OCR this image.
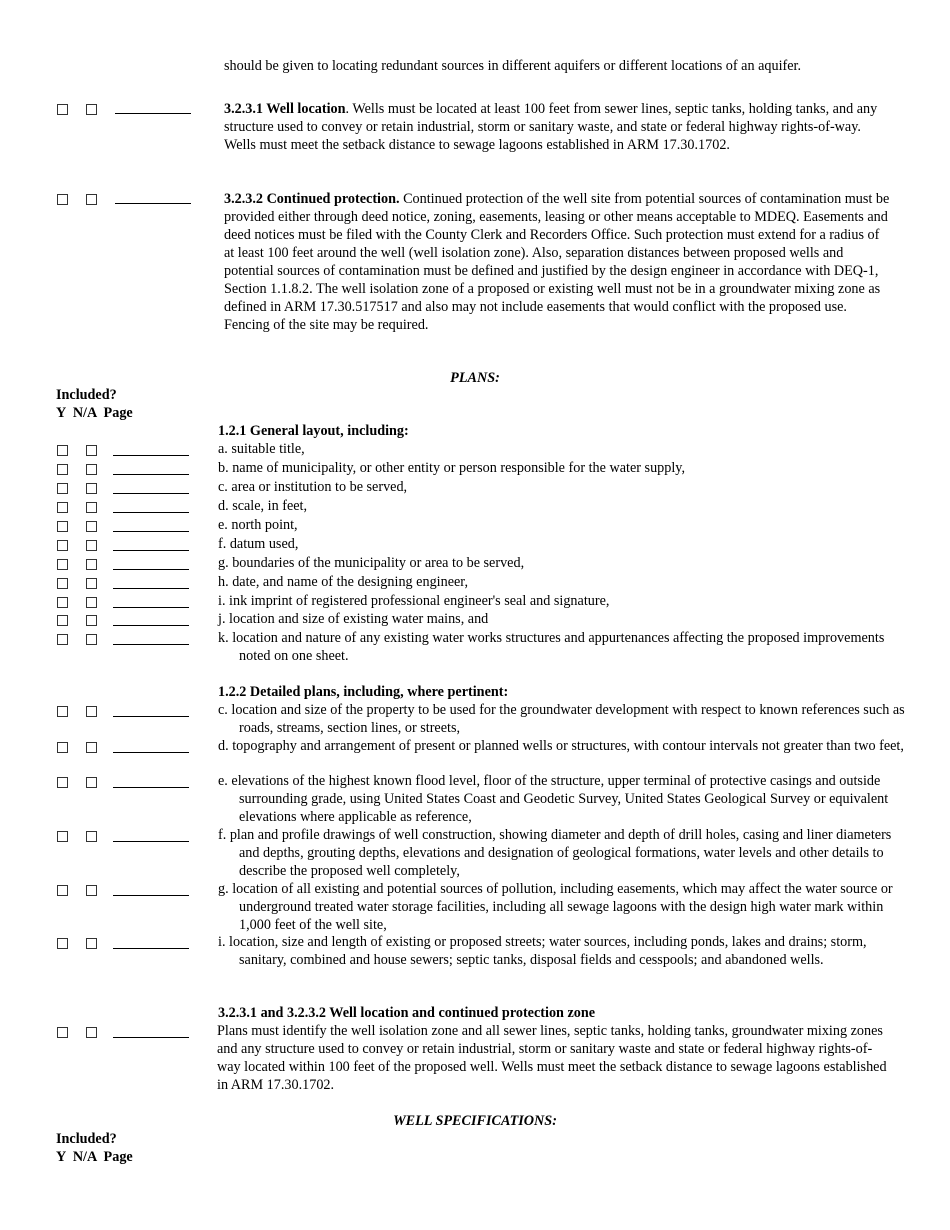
should be given to locating redundant sources in different aquifers or different locations of an aquifer.
3.2.3.1 Well location. Wells must be located at least 100 feet from sewer lines, septic tanks, holding tanks, and any structure used to convey or retain industrial, storm or sanitary waste, and state or federal highway rights-of-way. Wells must meet the setback distance to sewage lagoons established in ARM 17.30.1702.
3.2.3.2 Continued protection. Continued protection of the well site from potential sources of contamination must be provided either through deed notice, zoning, easements, leasing or other means acceptable to MDEQ. Easements and deed notices must be filed with the County Clerk and Recorders Office. Such protection must extend for a radius of at least 100 feet around the well (well isolation zone). Also, separation distances between proposed wells and potential sources of contamination must be defined and justified by the design engineer in accordance with DEQ-1, Section 1.1.8.2. The well isolation zone of a proposed or existing well must not be in a groundwater mixing zone as defined in ARM 17.30.517517 and also may not include easements that would conflict with the proposed use. Fencing of the site may be required.
PLANS:
Included?
Y  N/A  Page
1.2.1 General layout, including:
a. suitable title,
b. name of municipality, or other entity or person responsible for the water supply,
c. area or institution to be served,
d. scale, in feet,
e. north point,
f. datum used,
g. boundaries of the municipality or area to be served,
h. date, and name of the designing engineer,
i. ink imprint of registered professional engineer's seal and signature,
j. location and size of existing water mains, and
k. location and nature of any existing water works structures and appurtenances affecting the proposed improvements noted on one sheet.
1.2.2 Detailed plans, including, where pertinent:
c. location and size of the property to be used for the groundwater development with respect to known references such as roads, streams, section lines, or streets,
d. topography and arrangement of present or planned wells or structures, with contour intervals not greater than two feet,
e. elevations of the highest known flood level, floor of the structure, upper terminal of protective casings and outside surrounding grade, using United States Coast and Geodetic Survey, United States Geological Survey or equivalent elevations where applicable as reference,
f. plan and profile drawings of well construction, showing diameter and depth of drill holes, casing and liner diameters and depths, grouting depths, elevations and designation of geological formations, water levels and other details to describe the proposed well completely,
g. location of all existing and potential sources of pollution, including easements, which may affect the water source or underground treated water storage facilities, including all sewage lagoons with the design high water mark within 1,000 feet of the well site,
i. location, size and length of existing or proposed streets; water sources, including ponds, lakes and drains; storm, sanitary, combined and house sewers; septic tanks, disposal fields and cesspools; and abandoned wells.
3.2.3.1 and 3.2.3.2 Well location and continued protection zone
Plans must identify the well isolation zone and all sewer lines, septic tanks, holding tanks, groundwater mixing zones and any structure used to convey or retain industrial, storm or sanitary waste and state or federal highway rights-of-way located within 100 feet of the proposed well. Wells must meet the setback distance to sewage lagoons established in ARM 17.30.1702.
WELL SPECIFICATIONS:
Included?
Y  N/A  Page
